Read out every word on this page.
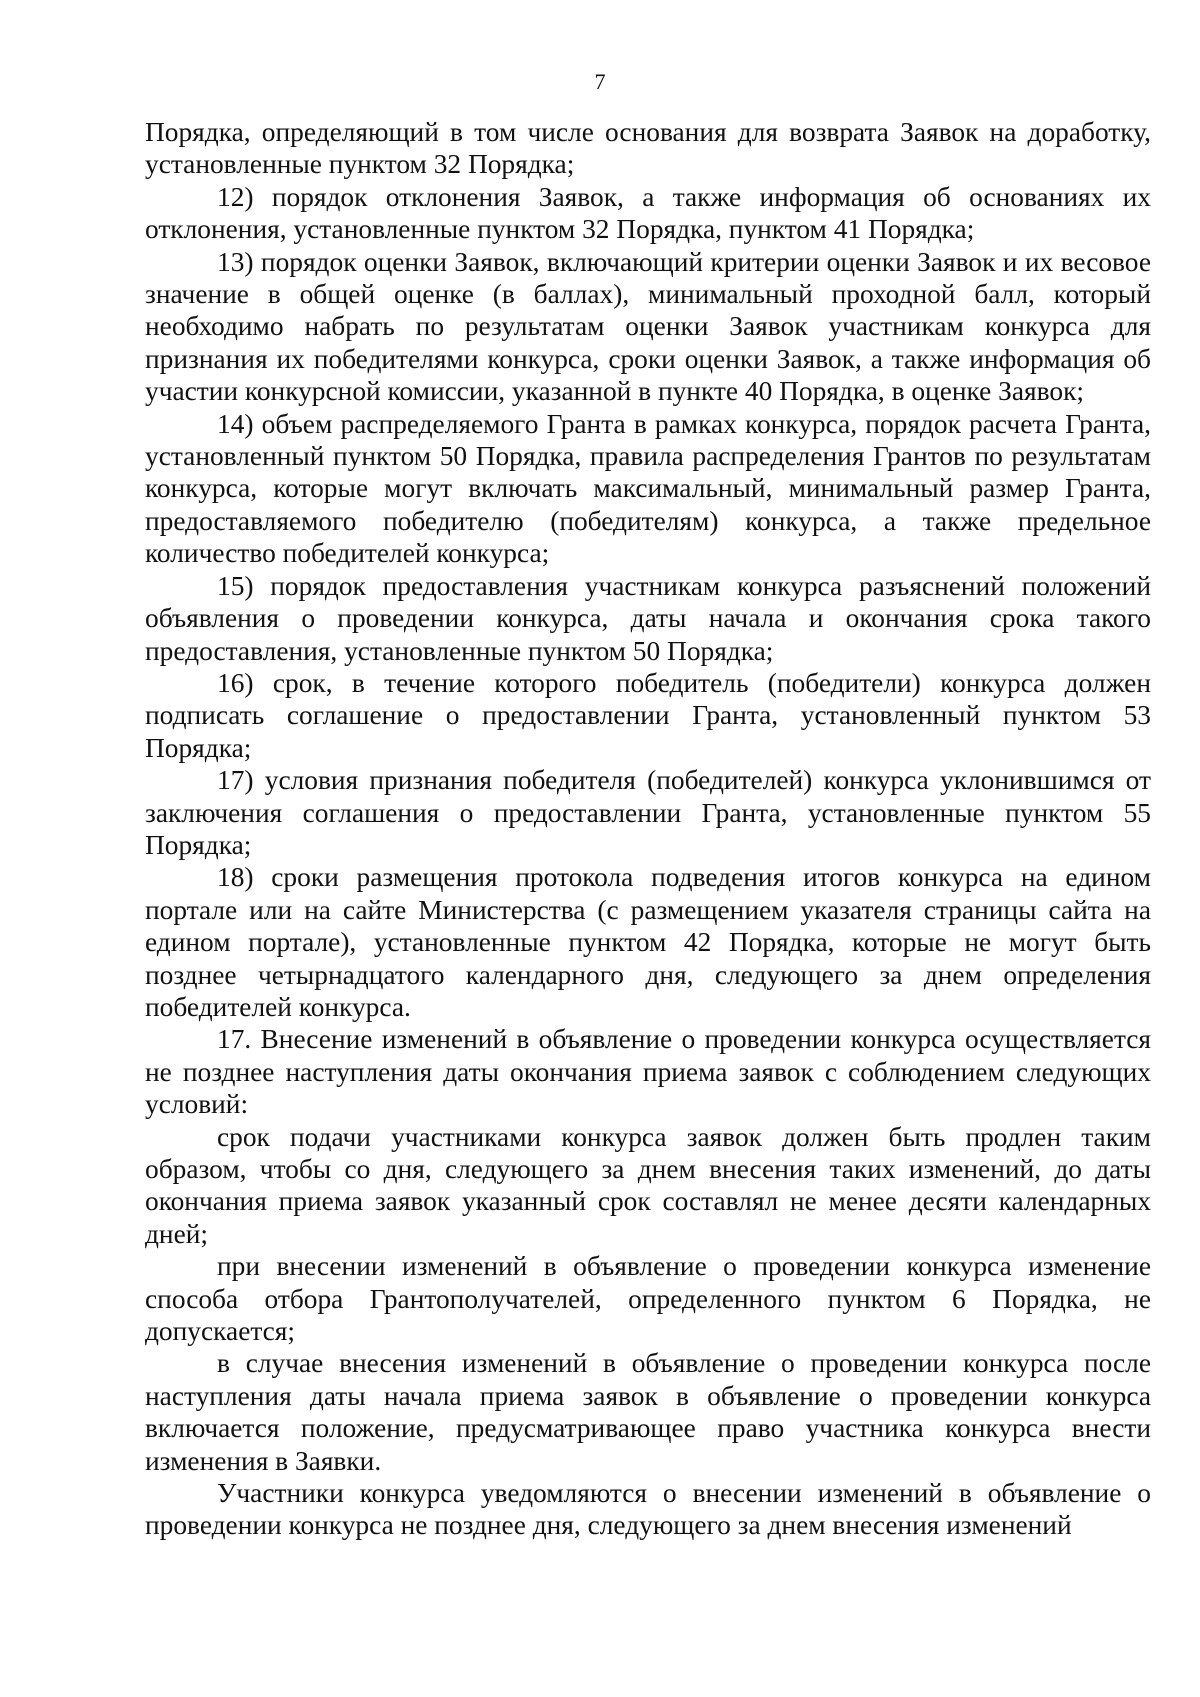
7

Порядка, определяющий в том числе основания для возврата Заявок на доработку, установленные пунктом 32 Порядка;

12) порядок отклонения Заявок, а также информация об основаниях их отклонения, установленные пунктом 32 Порядка, пунктом 41 Порядка;

13) порядок оценки Заявок, включающий критерии оценки Заявок и их весовое значение в общей оценке (в баллах), минимальный проходной балл, который необходимо набрать по результатам оценки Заявок участникам конкурса для признания их победителями конкурса, сроки оценки Заявок, а также информация об участии конкурсной комиссии, указанной в пункте 40 Порядка, в оценке Заявок;

14) объем распределяемого Гранта в рамках конкурса, порядок расчета Гранта, установленный пунктом 50 Порядка, правила распределения Грантов по результатам конкурса, которые могут включать максимальный, минимальный размер Гранта, предоставляемого победителю (победителям) конкурса, а также предельное количество победителей конкурса;

15) порядок предоставления участникам конкурса разъяснений положений объявления о проведении конкурса, даты начала и окончания срока такого предоставления, установленные пунктом 50 Порядка;

16) срок, в течение которого победитель (победители) конкурса должен подписать соглашение о предоставлении Гранта, установленный пунктом 53 Порядка;

17) условия признания победителя (победителей) конкурса уклонившимся от заключения соглашения о предоставлении Гранта, установленные пунктом 55 Порядка;

18) сроки размещения протокола подведения итогов конкурса на едином портале или на сайте Министерства (с размещением указателя страницы сайта на едином портале), установленные пунктом 42 Порядка, которые не могут быть позднее четырнадцатого календарного дня, следующего за днем определения победителей конкурса.

17. Внесение изменений в объявление о проведении конкурса осуществляется не позднее наступления даты окончания приема заявок с соблюдением следующих условий:

срок подачи участниками конкурса заявок должен быть продлен таким образом, чтобы со дня, следующего за днем внесения таких изменений, до даты окончания приема заявок указанный срок составлял не менее десяти календарных дней;

при внесении изменений в объявление о проведении конкурса изменение способа отбора Грантополучателей, определенного пунктом 6 Порядка, не допускается;

в случае внесения изменений в объявление о проведении конкурса после наступления даты начала приема заявок в объявление о проведении конкурса включается положение, предусматривающее право участника конкурса внести изменения в Заявки.

Участники конкурса уведомляются о внесении изменений в объявление о проведении конкурса не позднее дня, следующего за днем внесения изменений
